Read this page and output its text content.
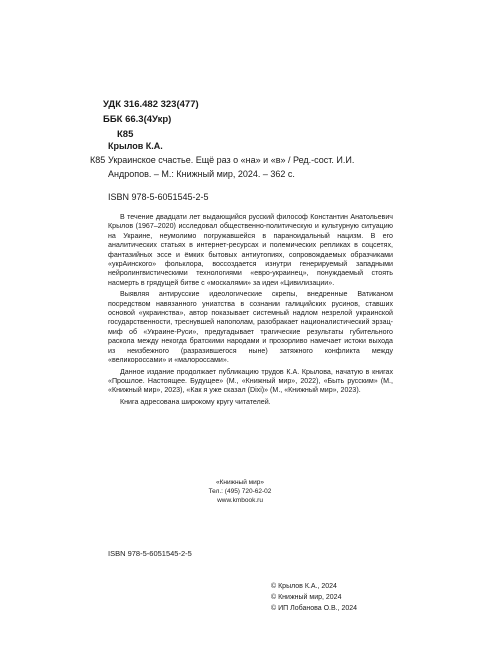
УДК 316.482 323(477)
ББК 66.3(4Укр)
К85
К85
Крылов К.А.
Украинское счастье. Ещё раз о «на» и «в» / Ред.-сост. И.И. Андропов. – М.: Книжный мир, 2024. – 362 с.
ISBN 978-5-6051545-2-5

В течение двадцати лет выдающийся русский философ Константин Анатольевич Крылов (1967–2020) исследовал общественно-политическую и культурную ситуацию на Украине, неумолимо погружавшейся в параноидальный нацизм. В его аналитических статьях в интернет-ресурсах и полемических репликах в соцсетях, фантазийных эссе и ёмких бытовых антиутопиях, сопровождаемых образчиками «укрАинского» фольклора, воссоздается изнутри генерируемый западными нейролингвистическими технологиями «евро-украинец», понуждаемый стоять насмерть в грядущей битве с «москалями» за идеи «Цивилизации».

Выявляя антирусские идеологические скрепы, внедренные Ватиканом посредством навязанного униатства в сознании галицийских русинов, ставших основой «украинства», автор показывает системный надлом незрелой украинской государственности, треснувшей напополам, разобракает националистический эрзац-миф об «Украине-Руси», предугадывает трагические результаты губительного раскола между некогда братскими народами и прозорливо намечает истоки выхода из неизбежного (разразившегося ныне) затяжного конфликта между «великороссами» и «малороссами».

Данное издание продолжает публикацию трудов К.А. Крылова, начатую в книгах «Прошлое. Настоящее. Будущее» (М., «Книжный мир», 2022), «Быть русским» (М., «Книжный мир», 2023), «Как я уже сказал (Dixi)» (М., «Книжный мир», 2023).

Книга адресована широкому кругу читателей.

«Книжный мир»
Тел.: (495) 720-62-02
www.kmbook.ru
ISBN 978-5-6051545-2-5
© Крылов К.А., 2024
© Книжный мир, 2024
© ИП Лобанова О.В., 2024
